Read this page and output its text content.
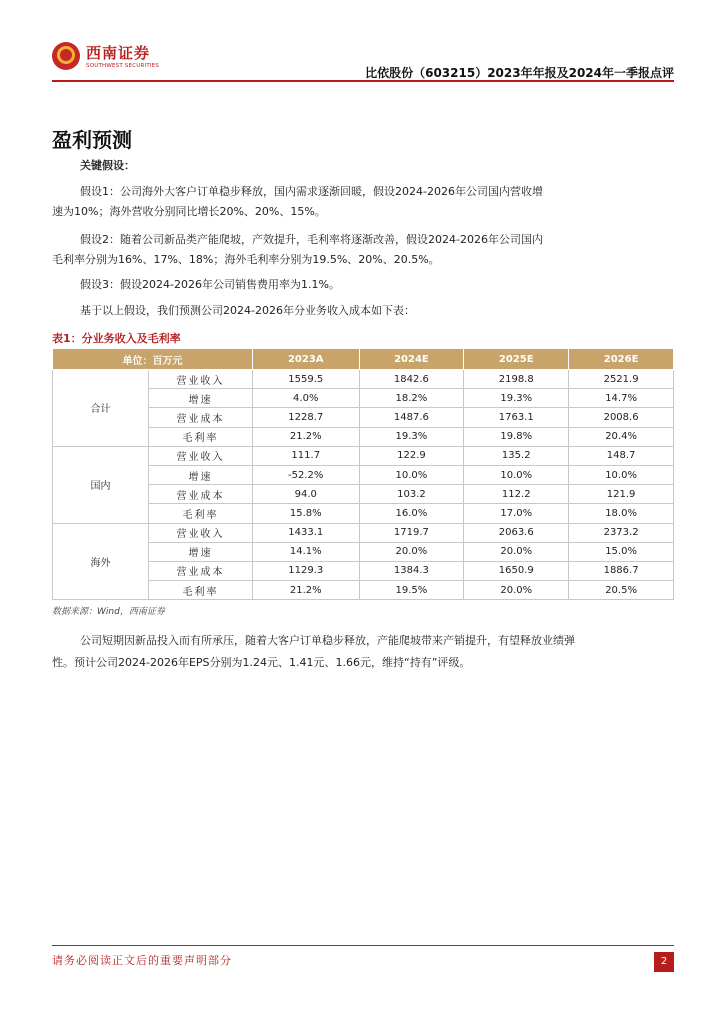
西南证券
SOUTHWEST SECURITIES	比依股份（603215）2023年年报及2024年一季报点评
盈利预测
关键假设：
假设1：公司海外大客户订单稳步释放，国内需求逐渐回暖，假设2024-2026年公司国内营收增速为10%；海外营收分别同比增长20%、20%、15%。
假设2：随着公司新品类产能爬坡，产效提升，毛利率将逐渐改善，假设2024-2026年公司国内毛利率分别为16%、17%、18%；海外毛利率分别为19.5%、20%、20.5%。
假设3：假设2024-2026年公司销售费用率为1.1%。
基于以上假设，我们预测公司2024-2026年分业务收入成本如下表：
表1：分业务收入及毛利率
单位：百万元		2023A	2024E	2025E	2026E
合计	营业收入	1559.5	1842.6	2198.8	2521.9
	增速	4.0%	18.2%	19.3%	14.7%
	营业成本	1228.7	1487.6	1763.1	2008.6
	毛利率	21.2%	19.3%	19.8%	20.4%
国内	营业收入	111.7	122.9	135.2	148.7
	增速	-52.2%	10.0%	10.0%	10.0%
	营业成本	94.0	103.2	112.2	121.9
	毛利率	15.8%	16.0%	17.0%	18.0%
海外	营业收入	1433.1	1719.7	2063.6	2373.2
	增速	14.1%	20.0%	20.0%	15.0%
	营业成本	1129.3	1384.3	1650.9	1886.7
	毛利率	21.2%	19.5%	20.0%	20.5%
数据来源：Wind，西南证券
公司短期因新品投入而有所承压，随着大客户订单稳步释放，产能爬坡带来产销提升，有望释放业绩弹性。预计公司2024-2026年EPS分别为1.24元、1.41元、1.66元，维持“持有”评级。
请务必阅读正文后的重要声明部分	2
